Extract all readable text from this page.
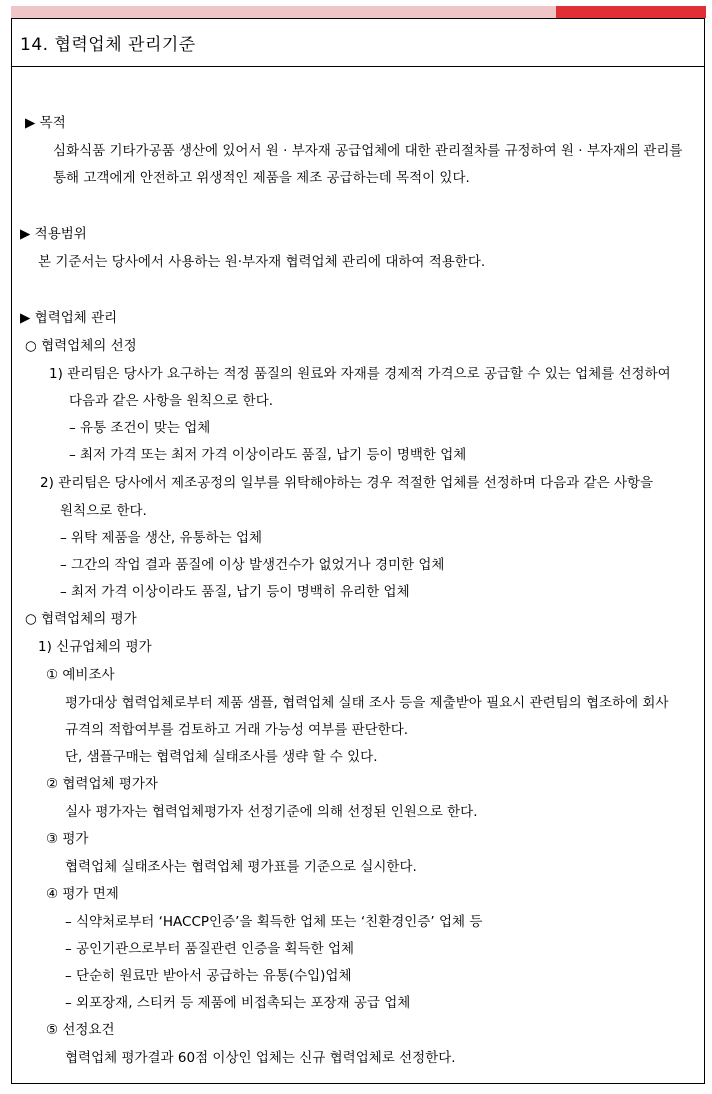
14. 협력업체 관리기준
▶ 목적
심화식품 기타가공품 생산에 있어서 원 · 부자재 공급업체에 대한 관리절차를 규정하여 원 · 부자재의 관리를
통해 고객에게 안전하고 위생적인 제품을 제조 공급하는데 목적이 있다.
▶ 적용범위
본 기준서는 당사에서 사용하는 원·부자재 협력업체 관리에 대하여 적용한다.
▶ 협력업체 관리
○ 협력업체의 선정
1) 관리팀은 당사가 요구하는 적정 품질의 원료와 자재를 경제적 가격으로 공급할 수 있는 업체를 선정하여
다음과 같은 사항을 원칙으로 한다.
– 유통 조건이 맞는 업체
– 최저 가격 또는 최저 가격 이상이라도 품질, 납기 등이 명백한 업체
2) 관리팀은 당사에서 제조공정의 일부를 위탁해야하는 경우 적절한 업체를 선정하며 다음과 같은 사항을
원칙으로 한다.
– 위탁 제품을 생산, 유통하는 업체
– 그간의 작업 결과 품질에 이상 발생건수가 없었거나 경미한 업체
– 최저 가격 이상이라도 품질, 납기 등이 명백히 유리한 업체
○ 협력업체의 평가
1) 신규업체의 평가
① 예비조사
평가대상 협력업체로부터 제품 샘플, 협력업체 실태 조사 등을 제출받아 필요시 관련팀의 협조하에 회사
규격의 적합여부를 검토하고 거래 가능성 여부를 판단한다.
단, 샘플구매는 협력업체 실태조사를 생략 할 수 있다.
② 협력업체 평가자
실사 평가자는 협력업체평가자 선정기준에 의해 선정된 인원으로 한다.
③ 평가
협력업체 실태조사는 협력업체 평가표를 기준으로 실시한다.
④ 평가 면제
– 식약처로부터 ‘HACCP인증’을 획득한 업체 또는 ‘친환경인증’ 업체 등
– 공인기관으로부터 품질관련 인증을 획득한 업체
– 단순히 원료만 받아서 공급하는 유통(수입)업체
– 외포장재, 스티커 등 제품에 비접촉되는 포장재 공급 업체
⑤ 선정요건
협력업체 평가결과 60점 이상인 업체는 신규 협력업체로 선정한다.
